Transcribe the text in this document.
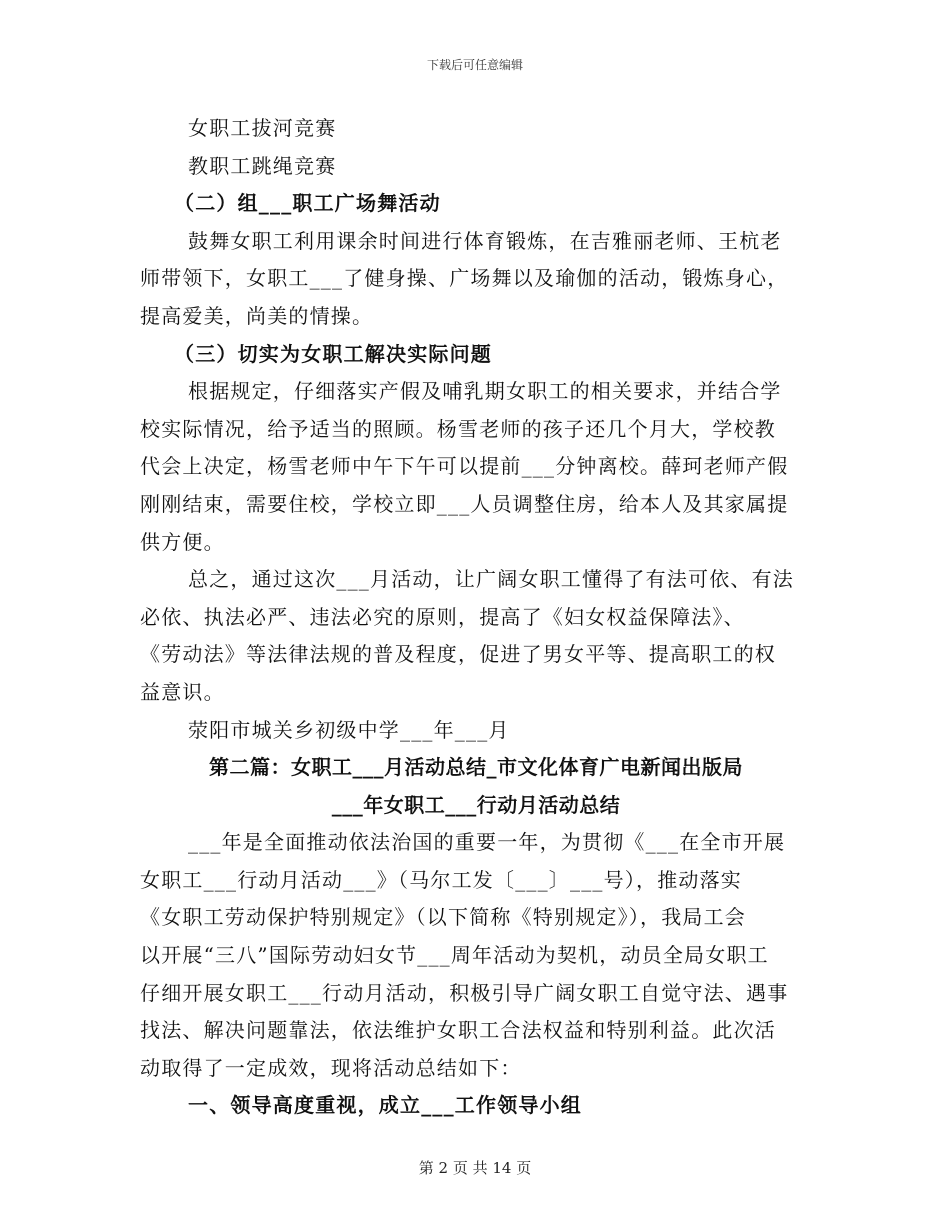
下载后可任意编辑
女职工拔河竞赛
教职工跳绳竞赛
（二）组___职工广场舞活动
鼓舞女职工利用课余时间进行体育锻炼，在吉雅丽老师、王杭老
师带领下，女职工___了健身操、广场舞以及瑜伽的活动，锻炼身心，
提高爱美，尚美的情操。
（三）切实为女职工解决实际问题
根据规定，仔细落实产假及哺乳期女职工的相关要求，并结合学
校实际情况，给予适当的照顾。杨雪老师的孩子还几个月大，学校教
代会上决定，杨雪老师中午下午可以提前___分钟离校。薛珂老师产假
刚刚结束，需要住校，学校立即___人员调整住房，给本人及其家属提
供方便。
总之，通过这次___月活动，让广阔女职工懂得了有法可依、有法
必依、执法必严、违法必究的原则，提高了《妇女权益保障法》、
《劳动法》等法律法规的普及程度，促进了男女平等、提高职工的权
益意识。
荥阳市城关乡初级中学___年___月
第二篇：女职工___月活动总结_市文化体育广电新闻出版局
___年女职工___行动月活动总结
___年是全面推动依法治国的重要一年，为贯彻《___在全市开展
女职工___行动月活动___》（马尔工发〔___〕___号），推动落实
《女职工劳动保护特别规定》（以下简称《特别规定》），我局工会
以开展“三八”国际劳动妇女节___周年活动为契机，动员全局女职工
仔细开展女职工___行动月活动，积极引导广阔女职工自觉守法、遇事
找法、解决问题靠法，依法维护女职工合法权益和特别利益。此次活
动取得了一定成效，现将活动总结如下：
一、领导高度重视，成立___工作领导小组
第 2 页 共 14 页
